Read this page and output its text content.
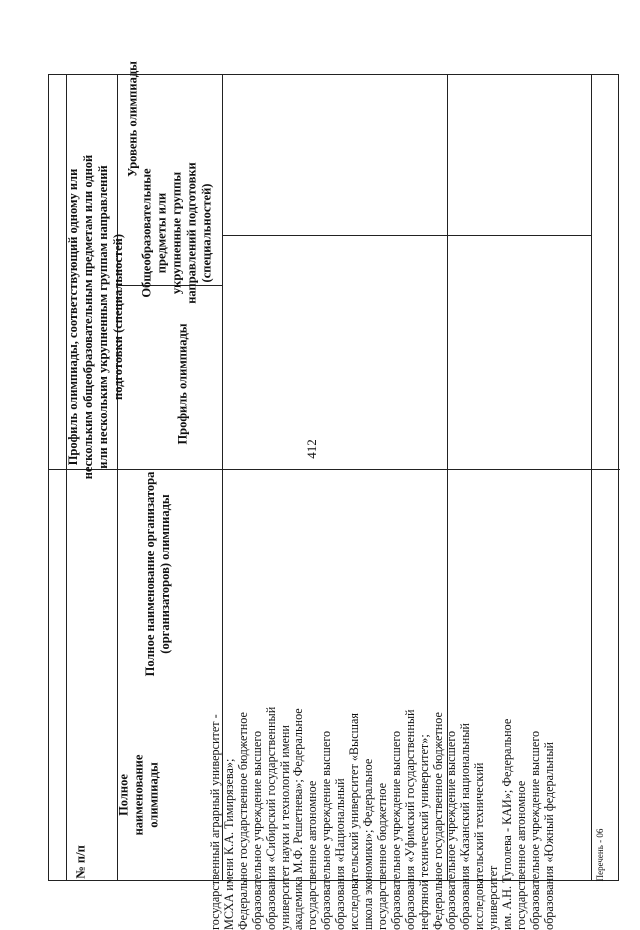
412
№ п/п
Полное наименование олимпиады
Полное наименование организатора (организаторов) олимпиады
Профиль олимпиады, соответствующий одному или нескольким общеобразовательным предметам или одной или нескольким укрупненным группам направлений подготовки (специальностей)	Профиль олимпиады
Общеобразовательные предметы или укрупненные группы направлений подготовки (специальностей)
Уровень олимпиады
государственный аграрный университет - МСХА имени К.А. Тимирязева»; Федеральное государственное бюджетное образовательное учреждение высшего образования «Сибирский государственный университет науки и технологий имени академика М.Ф. Решетнева»; Федеральное государственное автономное образовательное учреждение высшего образования «Национальный исследовательский университет «Высшая школа экономики»; Федеральное государственное бюджетное образовательное учреждение высшего образования «Уфимский государственный нефтяной технический университет»; Федеральное государственное бюджетное образовательное учреждение высшего образования «Казанский национальный исследовательский технический университет им. А.Н. Туполева - КАИ»; Федеральное государственное автономное образовательное учреждение высшего образования «Южный федеральный	Перечень - 06
